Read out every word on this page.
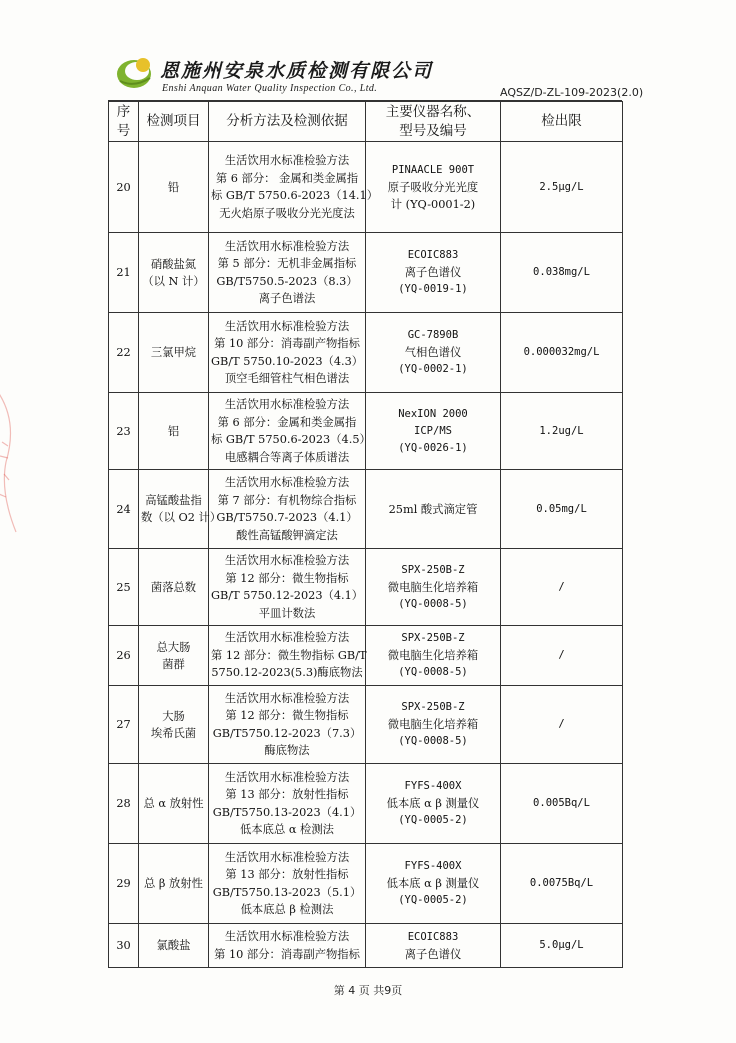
恩施州安泉水质检测有限公司
Enshi Anquan Water Quality Inspection Co., Ltd.	AQSZ/D-ZL-109-2023(2.0)
序
号	检测项目	分析方法及检测依据	主要仪器名称、
型号及编号	检出限
20	铅	生活饮用水标准检验方法
第 6 部分： 金属和类金属指
标 GB/T 5750.6-2023（14.1）
无火焰原子吸收分光光度法	PINAACLE 900T
原子吸收分光光度
计 (YQ-0001-2)	2.5μg/L
21	硝酸盐氮
（以 N 计）	生活饮用水标准检验方法
第 5 部分：无机非金属指标
GB/T5750.5-2023（8.3）
离子色谱法	ECOIC883
离子色谱仪
(YQ-0019-1)	0.038mg/L
22	三氯甲烷	生活饮用水标准检验方法
第 10 部分：消毒副产物指标
GB/T 5750.10-2023（4.3）
顶空毛细管柱气相色谱法	GC-7890B
气相色谱仪
(YQ-0002-1)	0.000032mg/L
23	铝	生活饮用水标准检验方法
第 6 部分：金属和类金属指
标 GB/T 5750.6-2023（4.5）
电感耦合等离子体质谱法	NexION 2000
ICP/MS
(YQ-0026-1)	1.2ug/L
24	高锰酸盐指
数（以 O2 计）	生活饮用水标准检验方法
第 7 部分：有机物综合指标
GB/T5750.7-2023（4.1）
酸性高锰酸钾滴定法	25ml 酸式滴定管	0.05mg/L
25	菌落总数	生活饮用水标准检验方法
第 12 部分：微生物指标
GB/T 5750.12-2023（4.1）
平皿计数法	SPX-250B-Z
微电脑生化培养箱
(YQ-0008-5)	/
26	总大肠
菌群	生活饮用水标准检验方法
第 12 部分：微生物指标 GB/T
5750.12-2023(5.3)酶底物法	SPX-250B-Z
微电脑生化培养箱
(YQ-0008-5)	/
27	大肠
埃希氏菌	生活饮用水标准检验方法
第 12 部分：微生物指标
GB/T5750.12-2023（7.3）
酶底物法	SPX-250B-Z
微电脑生化培养箱
(YQ-0008-5)	/
28	总 α 放射性	生活饮用水标准检验方法
第 13 部分：放射性指标
GB/T5750.13-2023（4.1）
低本底总 α 检测法	FYFS-400X
低本底 α β 测量仪
(YQ-0005-2)	0.005Bq/L
29	总 β 放射性	生活饮用水标准检验方法
第 13 部分：放射性指标
GB/T5750.13-2023（5.1）
低本底总 β 检测法	FYFS-400X
低本底 α β 测量仪
(YQ-0005-2)	0.0075Bq/L
30	氯酸盐	生活饮用水标准检验方法
第 10 部分：消毒副产物指标	ECOIC883
离子色谱仪	5.0μg/L
第 4 页 共9页
